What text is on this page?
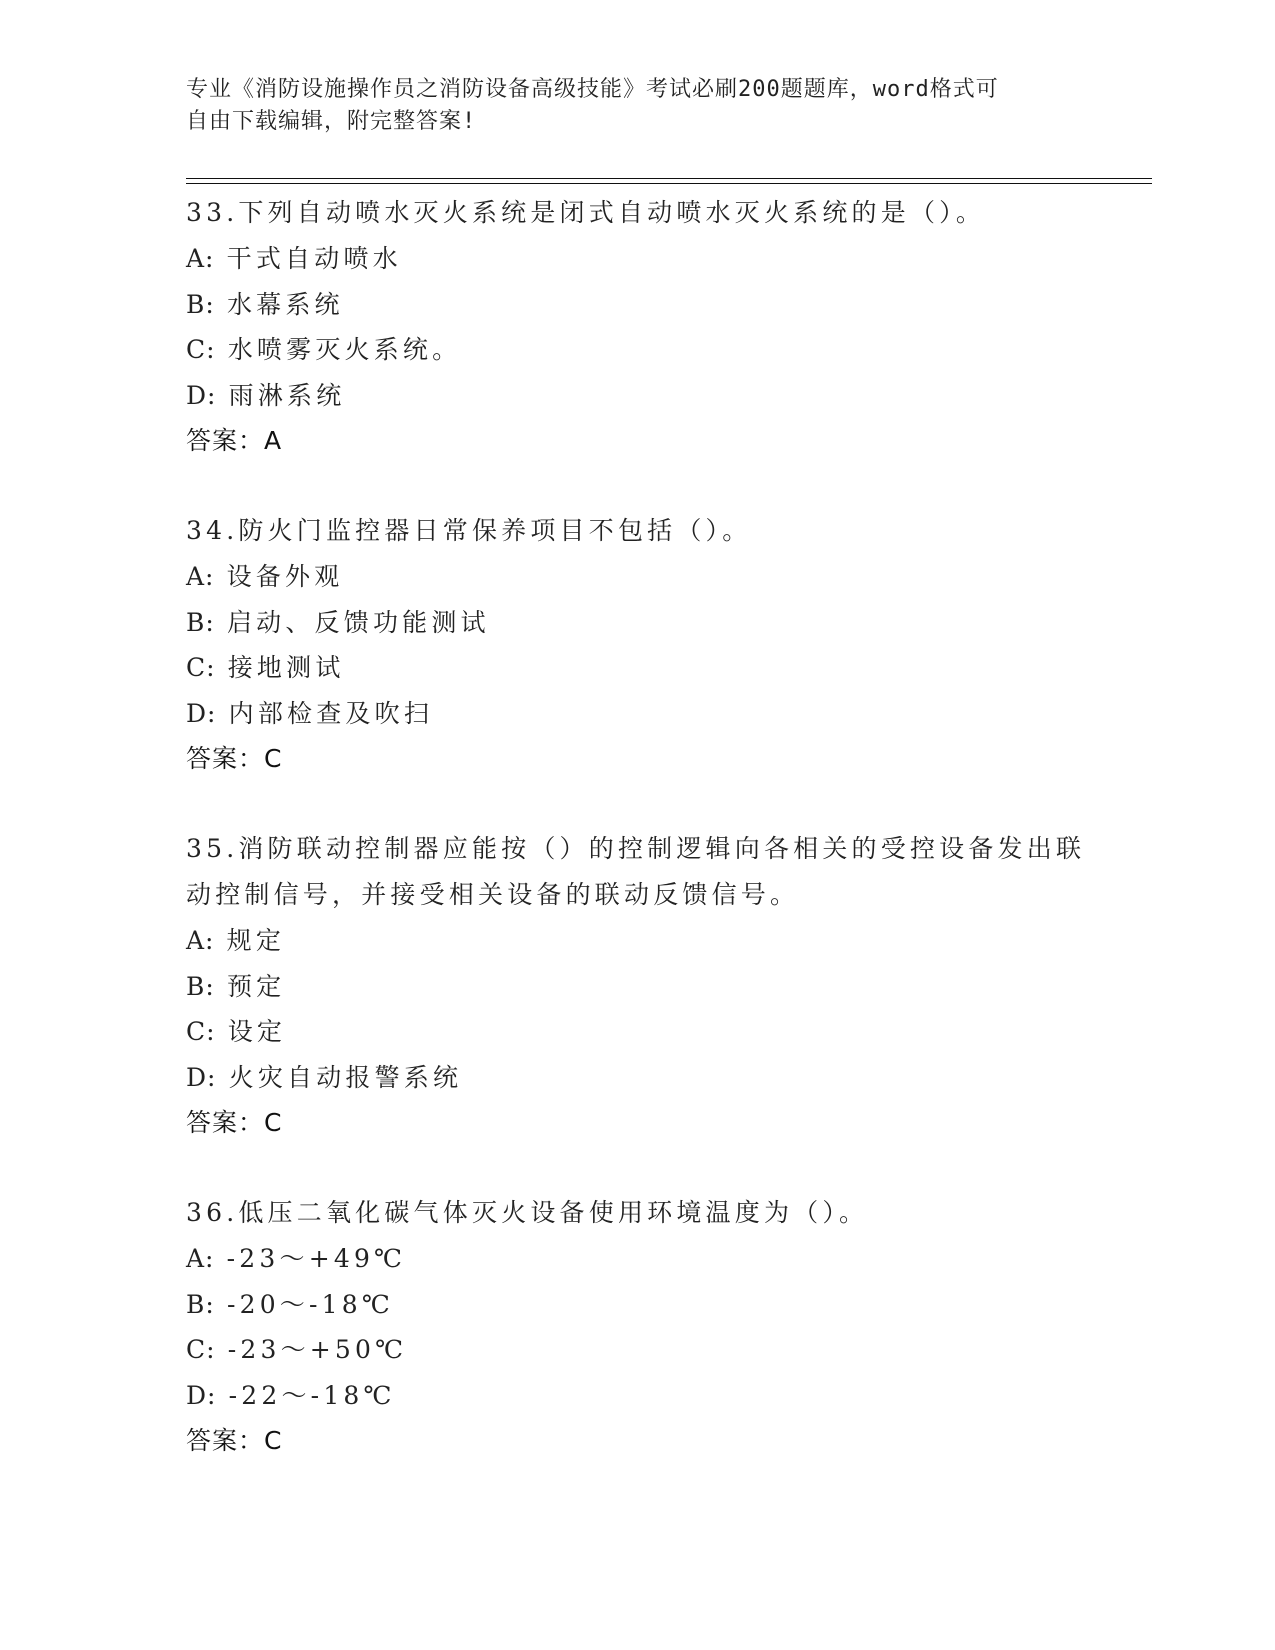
专业《消防设施操作员之消防设备高级技能》考试必刷200题题库，word格式可
自由下载编辑，附完整答案!
33.下列自动喷水灭火系统是闭式自动喷水灭火系统的是（）。
A: 干式自动喷水
B: 水幕系统
C: 水喷雾灭火系统。
D: 雨淋系统
答案：A
34.防火门监控器日常保养项目不包括（）。
A: 设备外观
B: 启动、反馈功能测试
C: 接地测试
D: 内部检查及吹扫
答案：C
35.消防联动控制器应能按（）的控制逻辑向各相关的受控设备发出联动控制信号，并接受相关设备的联动反馈信号。
A: 规定
B: 预定
C: 设定
D: 火灾自动报警系统
答案：C
36.低压二氧化碳气体灭火设备使用环境温度为（）。
A: -23～+49℃
B: -20～-18℃
C: -23～+50℃
D: -22～-18℃
答案：C
